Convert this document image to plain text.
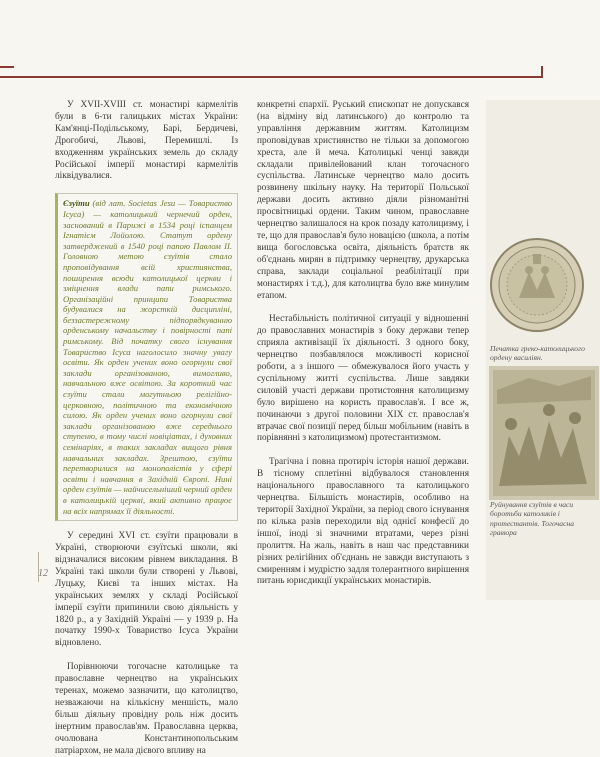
У XVII-XVIII ст. монастирі кармелітів були в 6-ти галицьких містах України: Кам'янці-Подільському, Барі, Бердичеві, Дрогобичі, Львові, Перемишлі. Із входженням українських земель до складу Російської імперії монастирі кармелітів ліквідувалися.

Єзуїти (від лат. Societas Jesu — Товариство Ісуса) — католицький чернечий орден, заснований в Парижі в 1534 році іспанцем Ігнатієм Лойолою. Статут ордену затверджений в 1540 році папою Павлом II. Головною метою єзуїтів стало проповідування всій християнства, поширення всюди католицької церкви і зміцнення влади папи римського. Організаційні принципи Товариства будувалися на жорсткій дисципліні, беззастережному підпорядкуванню орденському начальству і повірності папі римському. Від початку свого існування Товариство Ісуса наголосило значну увагу освіти. Як орден учених воно огорнули свої заклади організованою, вимогливо, навчальною вже освітою. За короткий час єзуїти стали могутньою релігійно-церковною, політичною та економічною силою. Як орден учених воно огорнули свої заклади організованою вже середнього ступеню, в тому числі новіціатах, і духовних семінаріях, в таких закладах вищого рівня навчальних закладах. Зрештою, єзуїти перетворилися на монополістів у сфері освіти і навчання в Західній Європі. Нині орден єзуїтів — найчисельніший черний орден в католицькій церкві, який активно працює на всіх напрямах її діяльності.

У середині XVI ст. єзуїти працювали в Україні, створюючи єзуїтські школи, які відзначалися високим рівнем викладання. В Україні такі школи були створені у Львові, Луцьку, Києві та інших містах. На українських землях у складі Російської імперії єзуїти припинили свою діяльність у 1820 р., а у Західній Україні — у 1939 р. На початку 1990-х Товариство Ісуса України відновлено.

Порівнюючи тогочасне католицьке та православне чернецтво на українських теренах, можемо зазначити, що католицтво, незважаючи на кількісну меншість, мало більш діяльну провідну роль ніж досить інертним православ'ям. Православна церква, очолювана Константинопольським патріархом, не мала дієвого впливу на

конкретні єпархії. Руський єпископат не допускався (на відміну від латинського) до контролю та управління державним життям. Католицизм проповідував християнство не тільки за допомогою хреста, але й меча. Католицькі ченці завжди складали привілейований клан тогочасного суспільства. Латинське чернецтво мало досить розвинену шкільну науку. На території Польської держави досить активно діяли різноманітні просвітницькі ордени. Таким чином, православне чернецтво залишалося на крок позаду католицизму, і те, що для православ'я було новацією (школа, а потім вища богословська освіта, діяльність братств як об'єднань мирян в підтримку чернецтву, друкарська справа, заклади соціальної реабілітації при монастирях і т.д.), для католицтва було вже минулим етапом.

Нестабільність політичної ситуації у відношенні до православних монастирів з боку держави тепер сприяла активізації їх діяльності. З одного боку, чернецтво позбавлялося можливості корисної роботи, а з іншого — обмежувалося його участь у суспільному житті суспільства. Лише завдяки силовій участі держави протистояння католицизму було вирішено на користь православ'я. І все ж, починаючи з другої половини XIX ст. православ'я втрачає свої позиції перед більш мобільним (навіть в порівнянні з католицизмом) протестантизмом.

Трагічна і повна протиріч історія нашої держави. В тісному сплетінні відбувалося становлення національного православного та католицького чернецтва. Більшість монастирів, особливо на території Західної України, за період свого існування по кілька разів переходили від однієї конфесії до іншої, іноді зі значними втратами, через різні пролиття. На жаль, навіть в наш час представники різних релігійних об'єднань не завжди виступають з смиренням і мудрістю задля толерантного вирішення питань юрисдикції українських монастирів.

Печатка греко-католицького ордену василіян.
Руйнування єзуїтів в часи боротьби католиків і протестантів. Тогочасна гравюра
12
